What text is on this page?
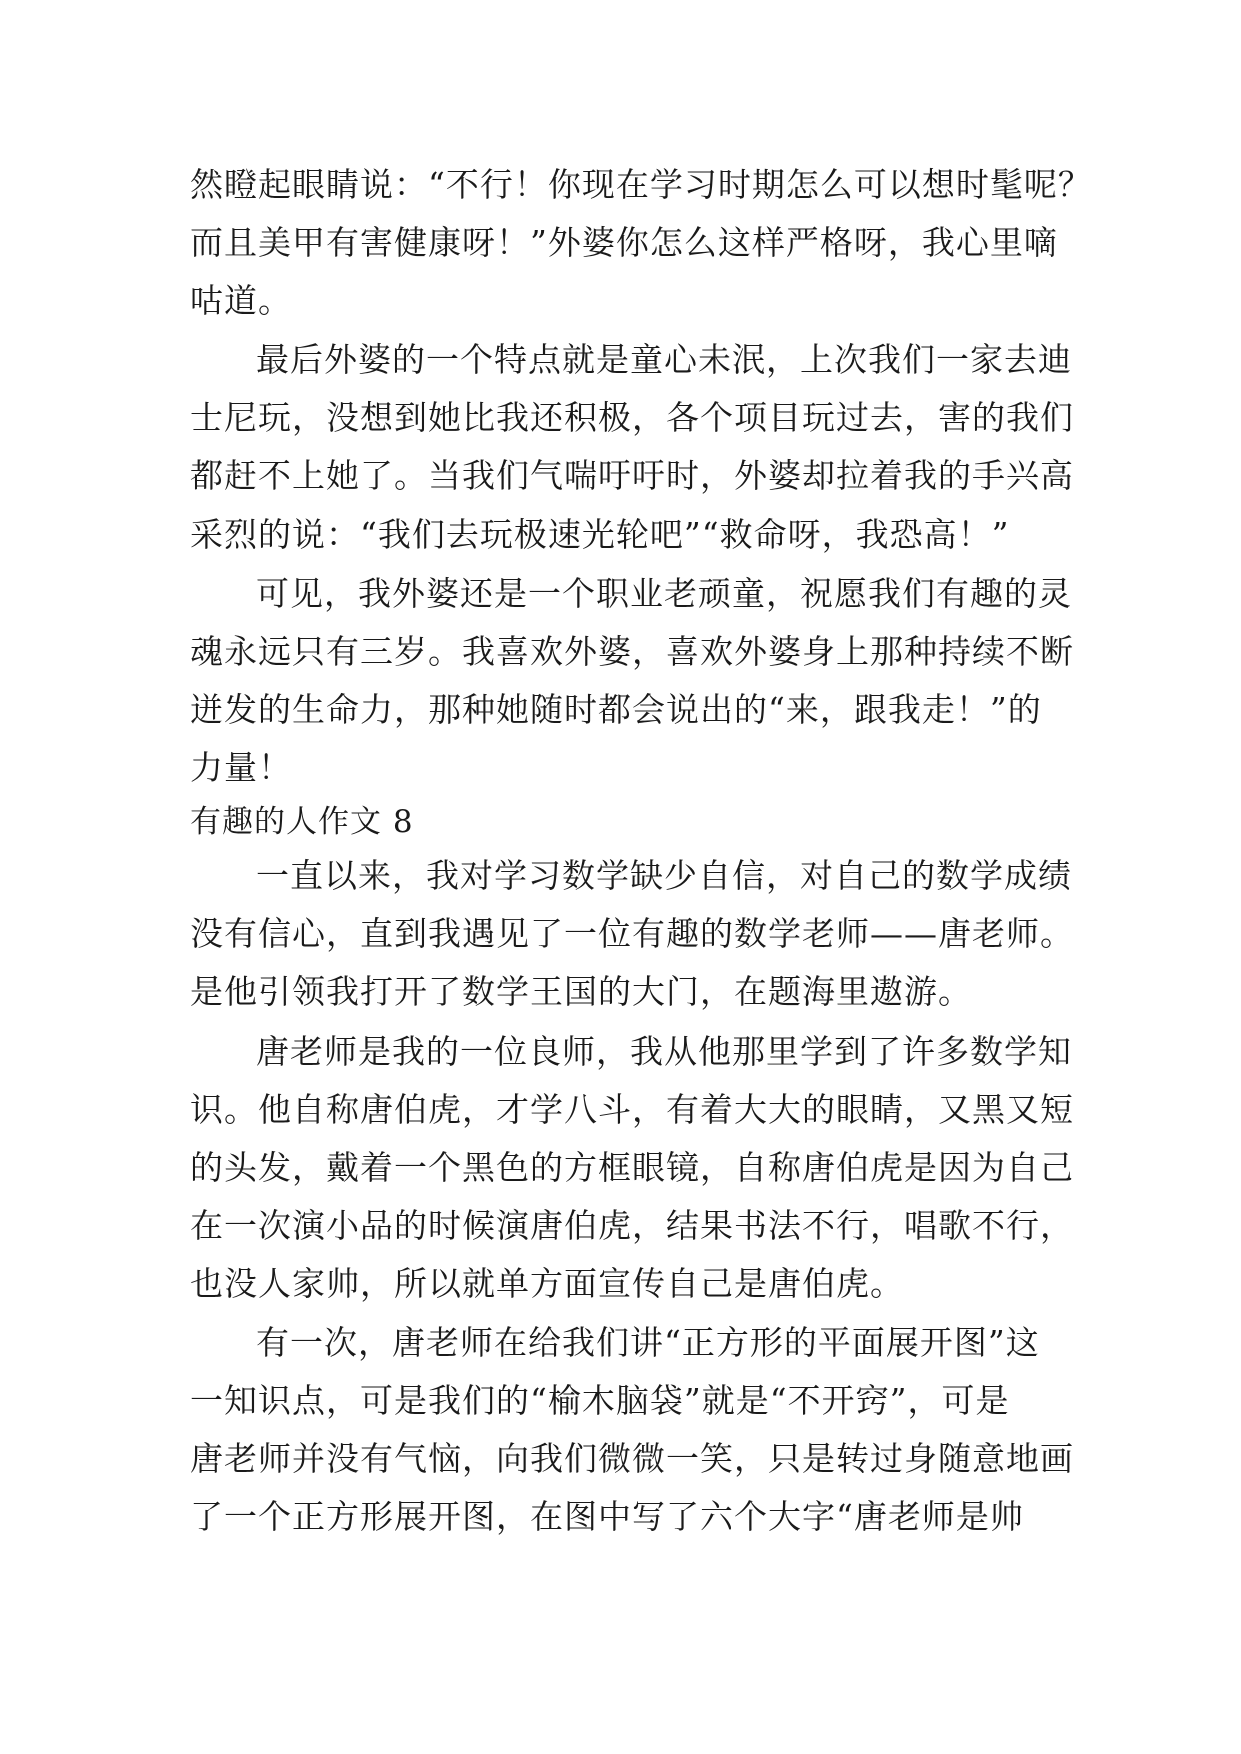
然瞪起眼睛说：“不行！你现在学习时期怎么可以想时髦呢？
而且美甲有害健康呀！”外婆你怎么这样严格呀，我心里嘀
咕道。
最后外婆的一个特点就是童心未泯，上次我们一家去迪
士尼玩，没想到她比我还积极，各个项目玩过去，害的我们
都赶不上她了。当我们气喘吁吁时，外婆却拉着我的手兴高
采烈的说：“我们去玩极速光轮吧”“救命呀，我恐高！”
可见，我外婆还是一个职业老顽童，祝愿我们有趣的灵
魂永远只有三岁。我喜欢外婆，喜欢外婆身上那种持续不断
迸发的生命力，那种她随时都会说出的“来，跟我走！”的
力量！
有趣的人作文 8
一直以来，我对学习数学缺少自信，对自己的数学成绩
没有信心，直到我遇见了一位有趣的数学老师——唐老师。
是他引领我打开了数学王国的大门，在题海里遨游。
唐老师是我的一位良师，我从他那里学到了许多数学知
识。他自称唐伯虎，才学八斗，有着大大的眼睛，又黑又短
的头发，戴着一个黑色的方框眼镜，自称唐伯虎是因为自己
在一次演小品的时候演唐伯虎，结果书法不行，唱歌不行，
也没人家帅，所以就单方面宣传自己是唐伯虎。
有一次，唐老师在给我们讲“正方形的平面展开图”这
一知识点，可是我们的“榆木脑袋”就是“不开窍”，可是
唐老师并没有气恼，向我们微微一笑，只是转过身随意地画
了一个正方形展开图，在图中写了六个大字“唐老师是帅
